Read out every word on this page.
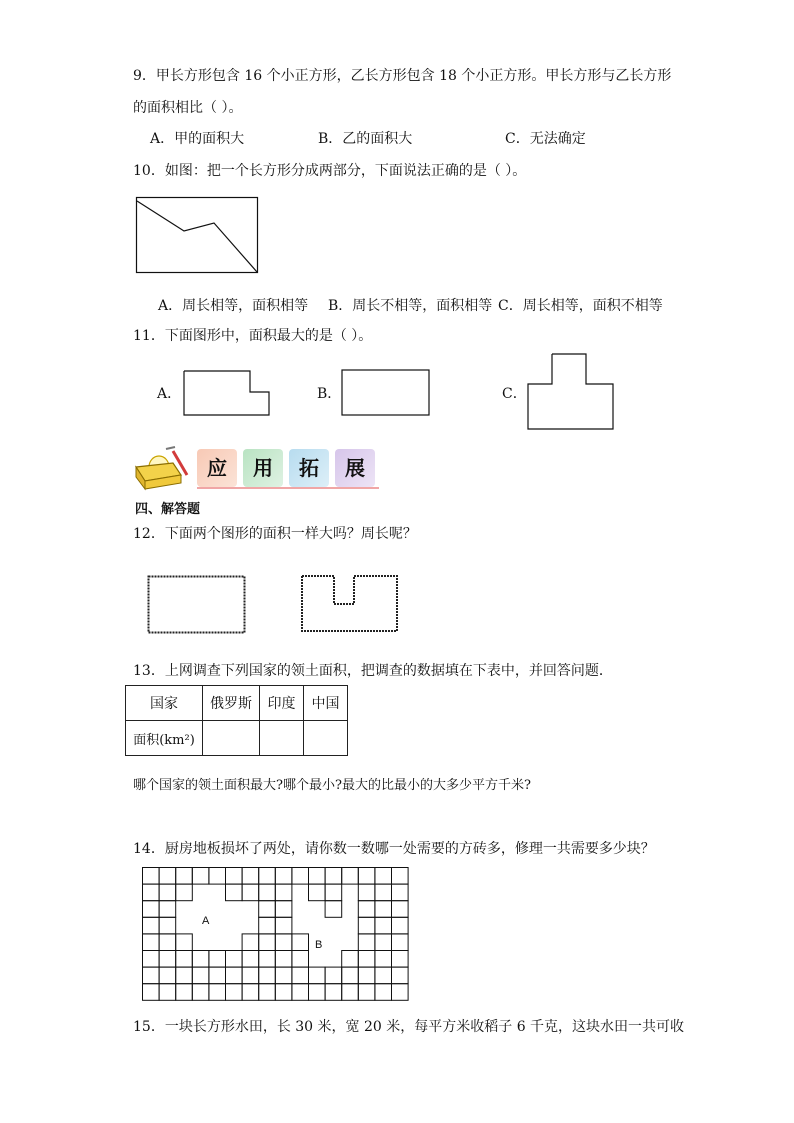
9．甲长方形包含 16 个小正方形，乙长方形包含 18 个小正方形。甲长方形与乙长方形
的面积相比（ ）。
A．甲的面积大	B．乙的面积大	C．无法确定
10．如图：把一个长方形分成两部分，下面说法正确的是（ ）。
A．周长相等，面积相等 B．周长不相等，面积相等 C．周长相等，面积不相等
11．下面图形中，面积最大的是（ ）。
A．	B．	C．
应	用	拓	展
四、解答题
12．下面两个图形的面积一样大吗？周长呢？
13．上网调查下列国家的领土面积，把调查的数据填在下表中，并回答问题．
国家	俄罗斯	印度	中国
面积(km²)			
哪个国家的领土面积最大?哪个最小?最大的比最小的大多少平方千米?
14．厨房地板损坏了两处，请你数一数哪一处需要的方砖多，修理一共需要多少块？
A
B
15．一块长方形水田，长 30 米，宽 20 米，每平方米收稻子 6 千克，这块水田一共可收
